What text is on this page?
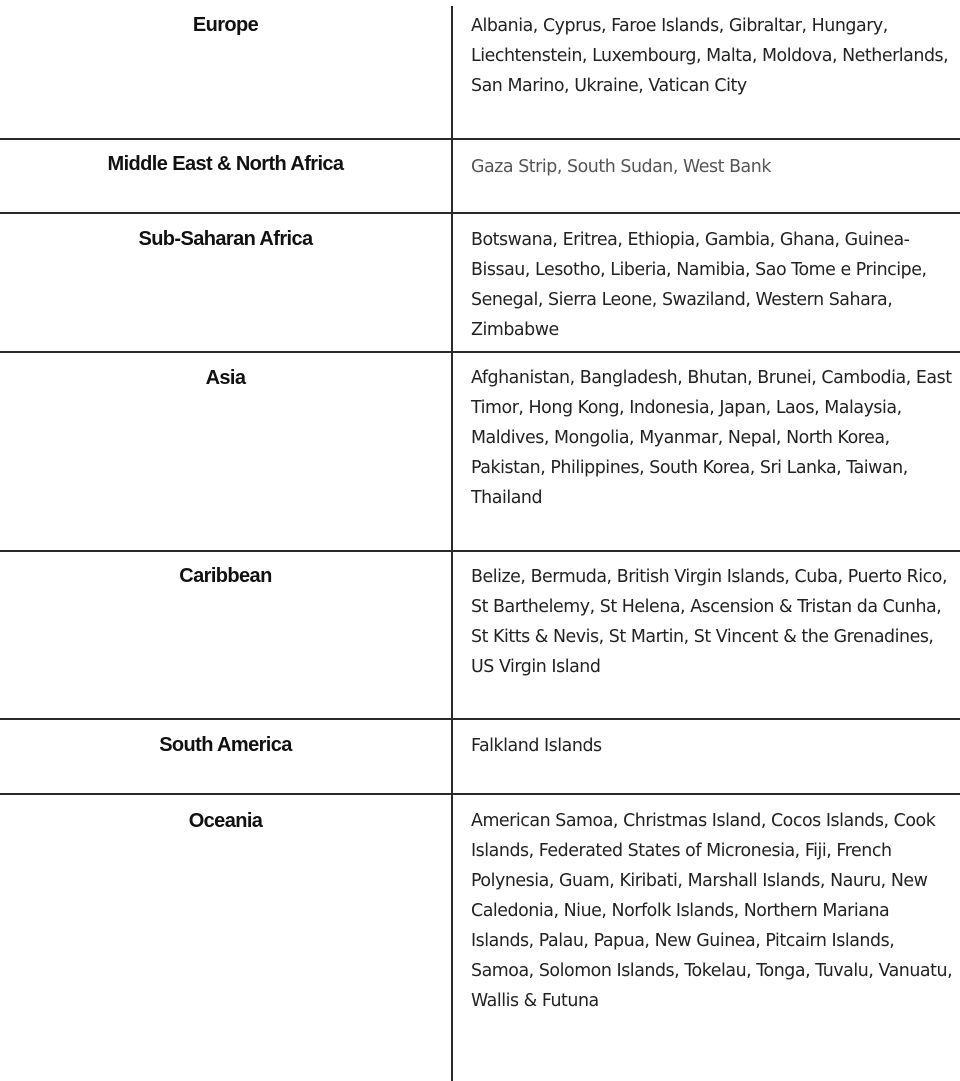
Europe	Albania, Cyprus, Faroe Islands, Gibraltar, Hungary, Liechtenstein, Luxembourg, Malta, Moldova, Netherlands, San Marino, Ukraine, Vatican City
Middle East & North Africa	Gaza Strip, South Sudan, West Bank
Sub-Saharan Africa	Botswana, Eritrea, Ethiopia, Gambia, Ghana, Guinea-Bissau, Lesotho, Liberia, Namibia, Sao Tome e Principe, Senegal, Sierra Leone, Swaziland, Western Sahara, Zimbabwe
Asia	Afghanistan, Bangladesh, Bhutan, Brunei, Cambodia, East Timor, Hong Kong, Indonesia, Japan, Laos, Malaysia, Maldives, Mongolia, Myanmar, Nepal, North Korea, Pakistan, Philippines, South Korea, Sri Lanka, Taiwan, Thailand
Caribbean	Belize, Bermuda, British Virgin Islands, Cuba, Puerto Rico, St Barthelemy, St Helena, Ascension & Tristan da Cunha, St Kitts & Nevis, St Martin, St Vincent & the Grenadines, US Virgin Island
South America	Falkland Islands
Oceania	American Samoa, Christmas Island, Cocos Islands, Cook Islands, Federated States of Micronesia, Fiji, French Polynesia, Guam, Kiribati, Marshall Islands, Nauru, New Caledonia, Niue, Norfolk Islands, Northern Mariana Islands, Palau, Papua, New Guinea, Pitcairn Islands, Samoa, Solomon Islands, Tokelau, Tonga, Tuvalu, Vanuatu, Wallis & Futuna
